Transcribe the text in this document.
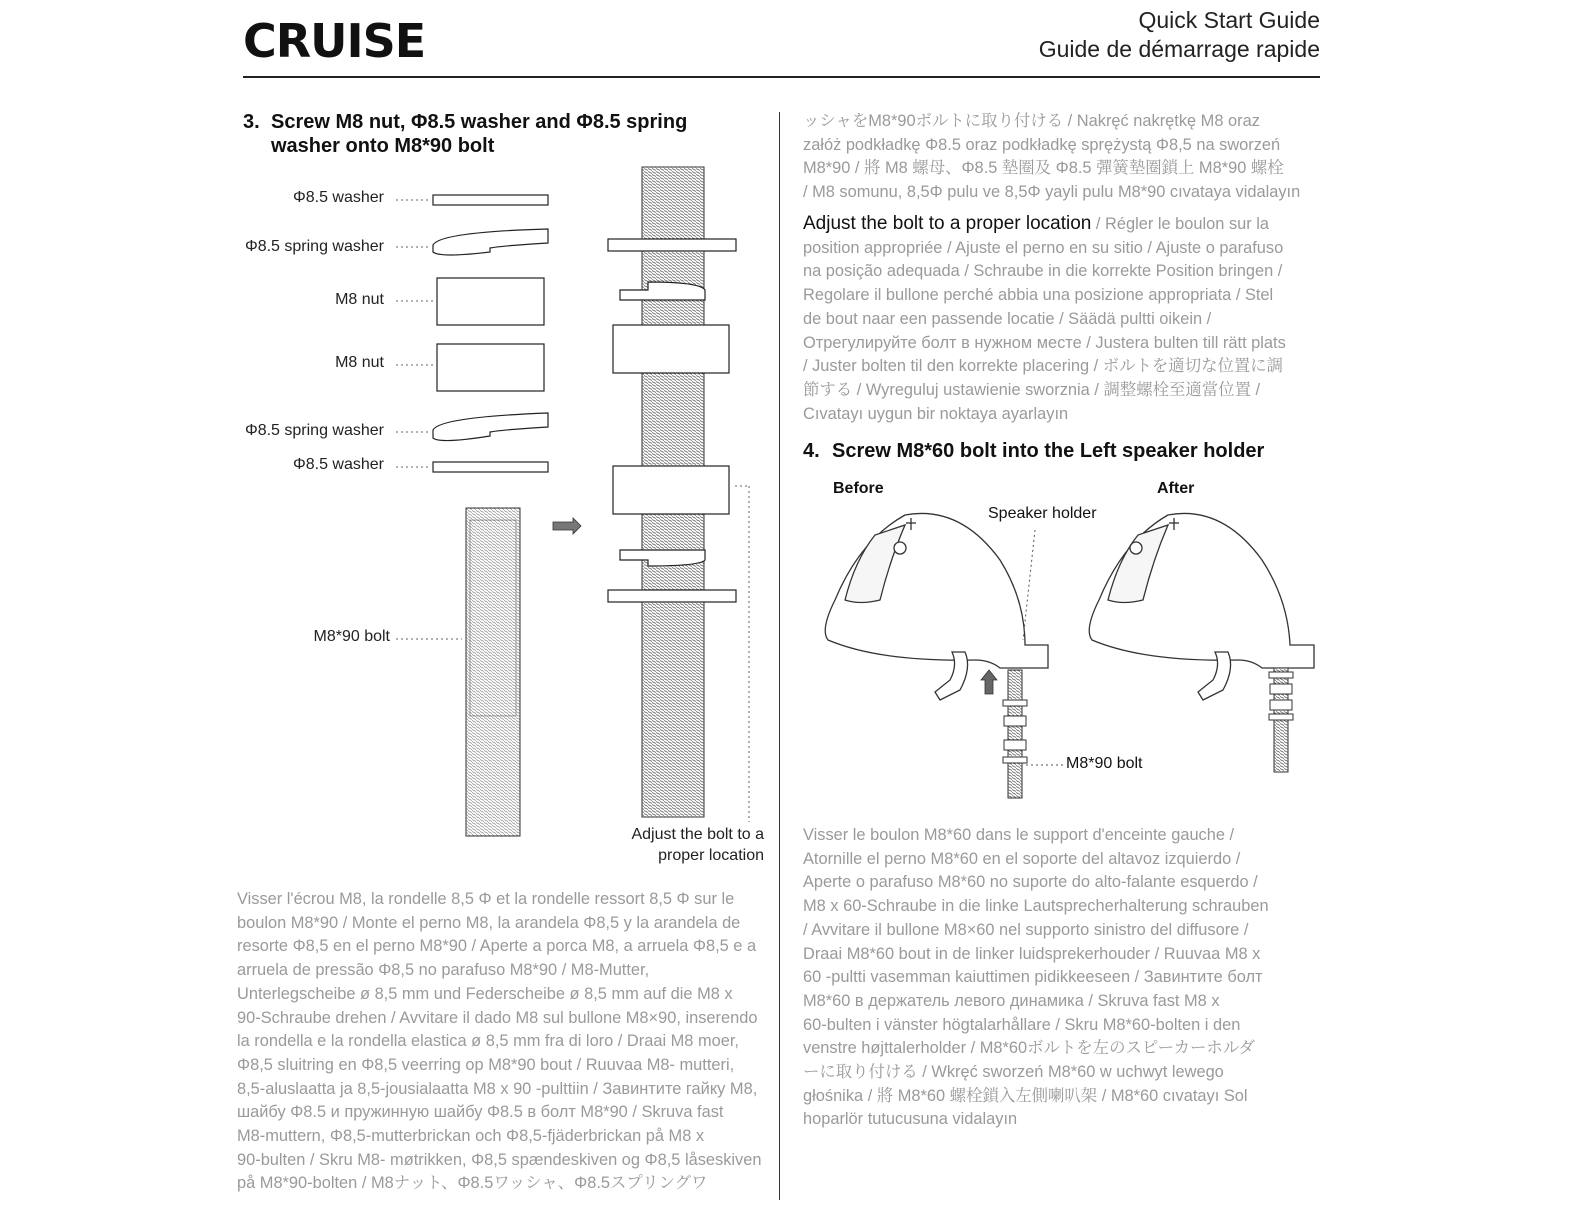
CRUISE	Quick Start Guide
Guide de démarrage rapide
3. Screw M8 nut, Φ8.5 washer and Φ8.5 spring
washer onto M8*90 bolt
Φ8.5 washer
Φ8.5 spring washer
M8 nut
M8 nut
Φ8.5 spring washer
Φ8.5 washer
M8*90 bolt
Adjust the bolt to a
proper location
Visser l'écrou M8, la rondelle 8,5 Φ et la rondelle ressort 8,5 Φ sur le
boulon M8*90 / Monte el perno M8, la arandela Φ8,5 y la arandela de
resorte Φ8,5 en el perno M8*90 / Aperte a porca M8, a arruela Φ8,5 e a
arruela de pressão Φ8,5 no parafuso M8*90 / M8-Mutter,
Unterlegscheibe ø 8,5 mm und Federscheibe ø 8,5 mm auf die M8 x
90-Schraube drehen / Avvitare il dado M8 sul bullone M8×90, inserendo
la rondella e la rondella elastica ø 8,5 mm fra di loro / Draai M8 moer,
Φ8,5 sluitring en Φ8,5 veerring op M8*90 bout / Ruuvaa M8- mutteri,
8,5-aluslaatta ja 8,5-jousialaatta M8 x 90 -pulttiin / Завинтите гайку M8,
шайбу Φ8.5 и пружинную шайбу Φ8.5 в болт M8*90 / Skruva fast
M8-muttern, Φ8,5-mutterbrickan och Φ8,5-fjäderbrickan på M8 x
90-bulten / Skru M8- møtrikken, Φ8,5 spændeskiven og Φ8,5 låseskiven
på M8*90-bolten / M8ナット、Φ8.5ワッシャ、Φ8.5スプリングワ
ッシャをM8*90ボルトに取り付ける / Nakręć nakrętkę M8 oraz
załóż podkładkę Φ8.5 oraz podkładkę sprężystą Φ8,5 na sworzeń
M8*90 / 將 M8 螺母、Φ8.5 墊圈及 Φ8.5 彈簧墊圈鎖上 M8*90 螺栓
/ M8 somunu, 8,5Φ pulu ve 8,5Φ yayli pulu M8*90 cıvataya vidalayın
Adjust the bolt to a proper location / Régler le boulon sur la
position appropriée / Ajuste el perno en su sitio / Ajuste o parafuso
na posição adequada / Schraube in die korrekte Position bringen /
Regolare il bullone perché abbia una posizione appropriata / Stel
de bout naar een passende locatie / Säädä pultti oikein /
Отрегулируйте болт в нужном месте / Justera bulten till rätt plats
/ Juster bolten til den korrekte placering / ボルトを適切な位置に調
節する / Wyreguluj ustawienie sworznia / 調整螺栓至適當位置 /
Cıvatayı uygun bir noktaya ayarlayın
4. Screw M8*60 bolt into the Left speaker holder
Before	After
Speaker holder
M8*90 bolt
Visser le boulon M8*60 dans le support d'enceinte gauche /
Atornille el perno M8*60 en el soporte del altavoz izquierdo /
Aperte o parafuso M8*60 no suporte do alto-falante esquerdo /
M8 x 60-Schraube in die linke Lautsprecherhalterung schrauben
/ Avvitare il bullone M8×60 nel supporto sinistro del diffusore /
Draai M8*60 bout in de linker luidsprekerhouder / Ruuvaa M8 x
60 -pultti vasemman kaiuttimen pidikkeeseen / Завинтите болт
M8*60 в держатель левого динамика / Skruva fast M8 x
60-bulten i vänster högtalarhållare / Skru M8*60-bolten i den
venstre højttalerholder / M8*60ボルトを左のスピーカーホルダ
ーに取り付ける / Wkręć sworzeń M8*60 w uchwyt lewego
głośnika / 將 M8*60 螺栓鎖入左側喇叭架 / M8*60 cıvatayı Sol
hoparlör tutucusuna vidalayın
